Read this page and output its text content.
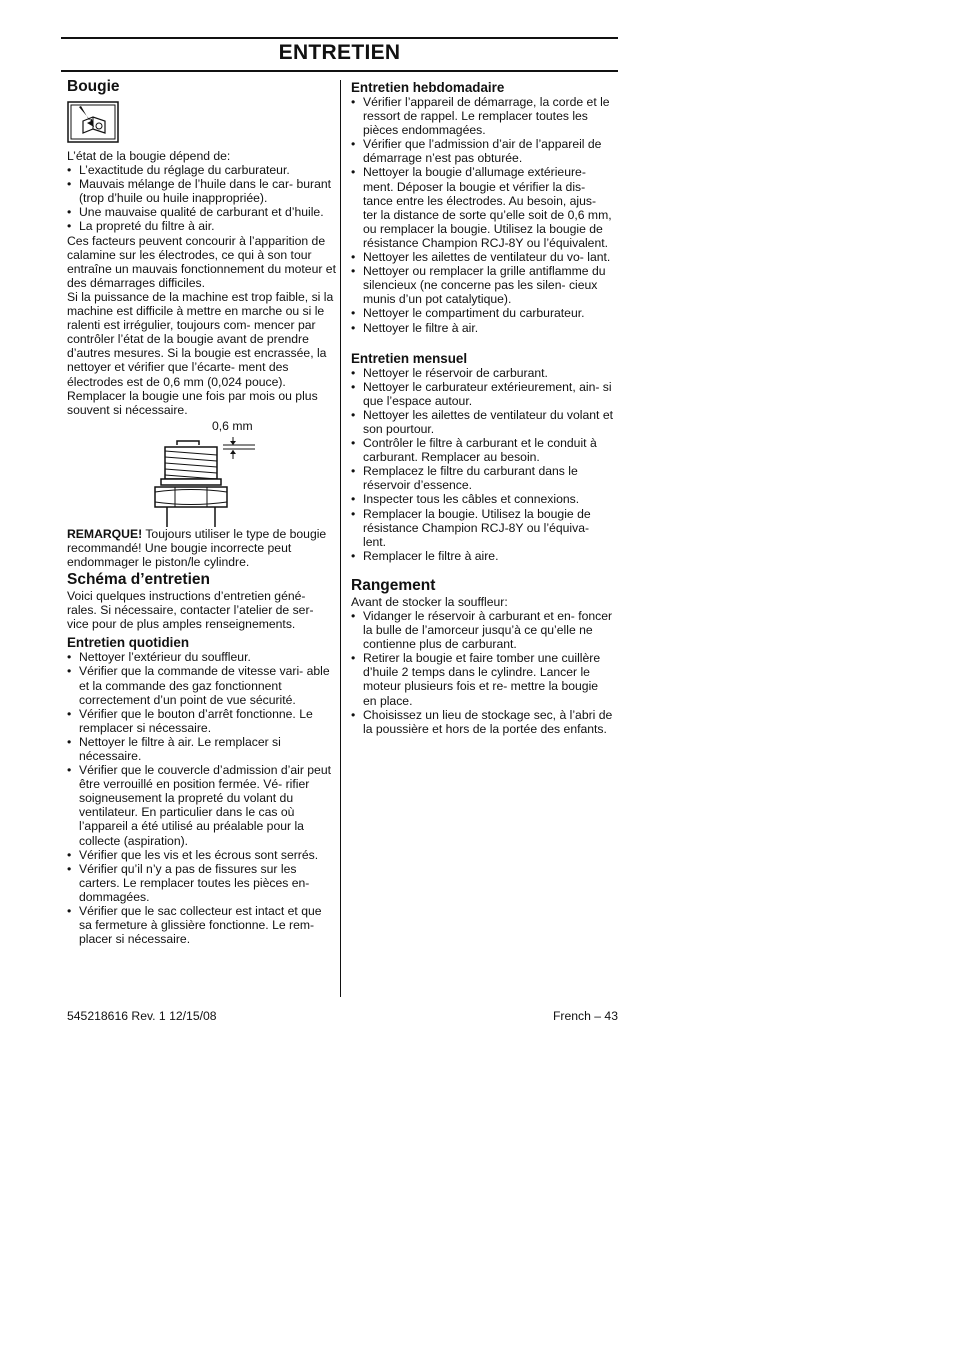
ENTRETIEN
Bougie

L’état de la bougie dépend de:

• L’exactitude du réglage du carburateur.
• Mauvais mélange de l’huile dans le car- burant (trop d’huile ou huile inappropriée).
• Une mauvaise qualité de carburant et d’huile.
• La propreté du filtre à air.

Ces facteurs peuvent concourir à l’apparition de calamine sur les électrodes, ce qui à son tour entraîne un mauvais fonctionnement du moteur et des démarrages difficiles.

Si la puissance de la machine est trop faible, si la machine est difficile à mettre en marche ou si le ralenti est irrégulier, toujours com- mencer par contrôler l’état de la bougie avant de prendre d’autres mesures. Si la bougie est encrassée, la nettoyer et vérifier que l’écarte- ment des électrodes est de 0,6 mm (0,024 pouce). Remplacer la bougie une fois par mois ou plus souvent si nécessaire.

0,6 mm

REMARQUE! Toujours utiliser le type de bougie recommandé! Une bougie incorrecte peut endommager le piston/le cylindre.

Schéma d’entretien

Voici quelques instructions d’entretien géné- rales. Si nécessaire, contacter l’atelier de ser- vice pour de plus amples renseignements.

Entretien quotidien
• Nettoyer l’extérieur du souffleur.
• Vérifier que la commande de vitesse vari- able et la commande des gaz fonctionnent correctement d’un point de vue sécurité.
• Vérifier que le bouton d’arrêt fonctionne. Le remplacer si nécessaire.
• Nettoyer le filtre à air. Le remplacer si nécessaire.
• Vérifier que le couvercle d’admission d’air peut être verrouillé en position fermée. Vé- rifier soigneusement la propreté du volant du ventilateur. En particulier dans le cas où l’appareil a été utilisé au préalable pour la collecte (aspiration).
• Vérifier que les vis et les écrous sont serrés.
• Vérifier qu’il n’y a pas de fissures sur les carters. Le remplacer toutes les pièces en- dommagées.
• Vérifier que le sac collecteur est intact et que sa fermeture à glissière fonctionne. Le rem- placer si nécessaire.
Entretien hebdomadaire
• Vérifier l’appareil de démarrage, la corde et le ressort de rappel. Le remplacer toutes les pièces endommagées.
• Vérifier que l’admission d’air de l’appareil de démarrage n’est pas obturée.
• Nettoyer la bougie d’allumage extérieure- ment. Déposer la bougie et vérifier la dis- tance entre les électrodes. Au besoin, ajus- ter la distance de sorte qu’elle soit de 0,6 mm, ou remplacer la bougie. Utilisez la bougie de résistance Champion RCJ-8Y ou l’équivalent.
• Nettoyer les ailettes de ventilateur du vo- lant.
• Nettoyer ou remplacer la grille antiflamme du silencieux (ne concerne pas les silen- cieux munis d’un pot catalytique).
• Nettoyer le compartiment du carburateur.
• Nettoyer le filtre à air.
Entretien mensuel
• Nettoyer le réservoir de carburant.
• Nettoyer le carburateur extérieurement, ain- si que l’espace autour.
• Nettoyer les ailettes de ventilateur du volant et son pourtour.
• Contrôler le filtre à carburant et le conduit à carburant. Remplacer au besoin.
• Remplacez le filtre du carburant dans le réservoir d’essence.
• Inspecter tous les câbles et connexions.
• Remplacer la bougie. Utilisez la bougie de résistance Champion RCJ-8Y ou l’équiva- lent.
• Remplacer le filtre à aire.
Rangement

Avant de stocker la souffleur:

• Vidanger le réservoir à carburant et en- foncer la bulle de l’amorceur jusqu’à ce qu’elle ne contienne plus de carburant.
• Retirer la bougie et faire tomber une cuillère d’huile 2 temps dans le cylindre. Lancer le moteur plusieurs fois et re- mettre la bougie en place.
• Choisissez un lieu de stockage sec, à l’abri de la poussière et hors de la portée des enfants.
545218616 Rev. 1 12/15/08	French – 43
